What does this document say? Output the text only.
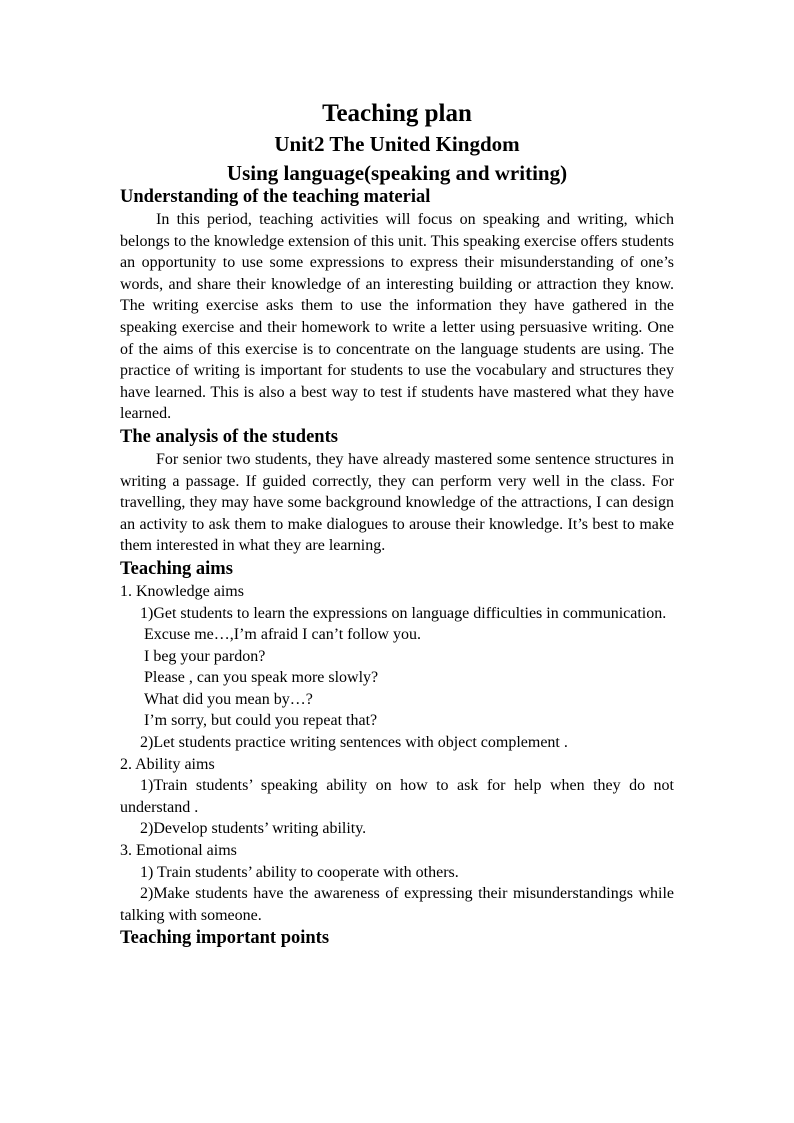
Teaching plan
Unit2 The United Kingdom
Using language(speaking and writing)
Understanding of the teaching material

In this period, teaching activities will focus on speaking and writing, which belongs to the knowledge extension of this unit. This speaking exercise offers students an opportunity to use some expressions to express their misunderstanding of one’s words, and share their knowledge of an interesting building or attraction they know. The writing exercise asks them to use the information they have gathered in the speaking exercise and their homework to write a letter using persuasive writing. One of the aims of this exercise is to concentrate on the language students are using. The practice of writing is important for students to use the vocabulary and structures they have learned. This is also a best way to test if students have mastered what they have learned.

The analysis of the students

For senior two students, they have already mastered some sentence structures in writing a passage. If guided correctly, they can perform very well in the class. For travelling, they may have some background knowledge of the attractions, I can design an activity to ask them to make dialogues to arouse their knowledge. It’s best to make them interested in what they are learning.

Teaching aims

1. Knowledge aims

1)Get students to learn the expressions on language difficulties in communication.

Excuse me…,I’m afraid I can’t follow you.

I beg your pardon?

Please , can you speak more slowly?

What did you mean by…?

I’m sorry, but could you repeat that?

2)Let students practice writing sentences with object complement .

2. Ability aims

1)Train students’ speaking ability on how to ask for help when they do not understand .

2)Develop students’ writing ability.

3. Emotional aims

1) Train students’ ability to cooperate with others.

2)Make students have the awareness of expressing their misunderstandings while talking with someone.

Teaching important points
